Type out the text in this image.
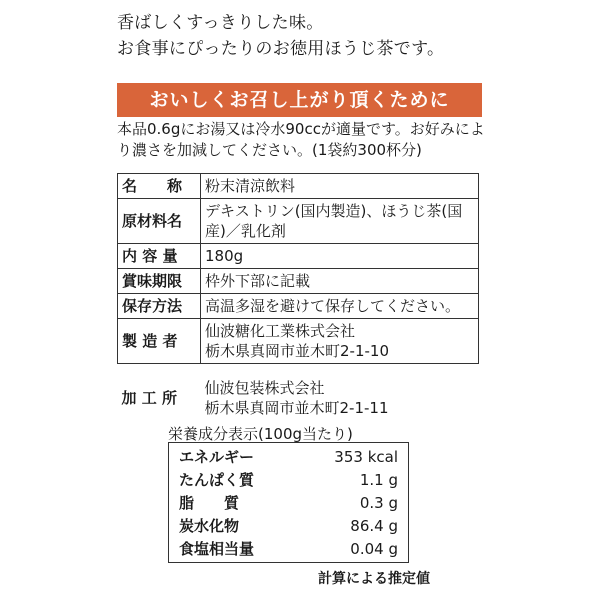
香ばしくすっきりした味。
お食事にぴったりのお徳用ほうじ茶です。
おいしくお召し上がり頂くために
本品0.6gにお湯又は冷水90ccが適量です。お好みにより濃さを加減してください。(1袋約300杯分)
名　　称	粉末清涼飲料
原材料名	デキストリン(国内製造)、ほうじ茶(国産)／乳化剤
内 容 量	180g
賞味期限	枠外下部に記載
保存方法	高温多湿を避けて保存してください。
製 造 者	仙波糖化工業株式会社
栃木県真岡市並木町2-1-10

加 工 所	仙波包装株式会社
栃木県真岡市並木町2-1-11
栄養成分表示(100g当たり)
エネルギー	353 kcal
たんぱく質	1.1 g
脂　　質	0.3 g
炭水化物	86.4 g
食塩相当量	0.04 g
計算による推定値
